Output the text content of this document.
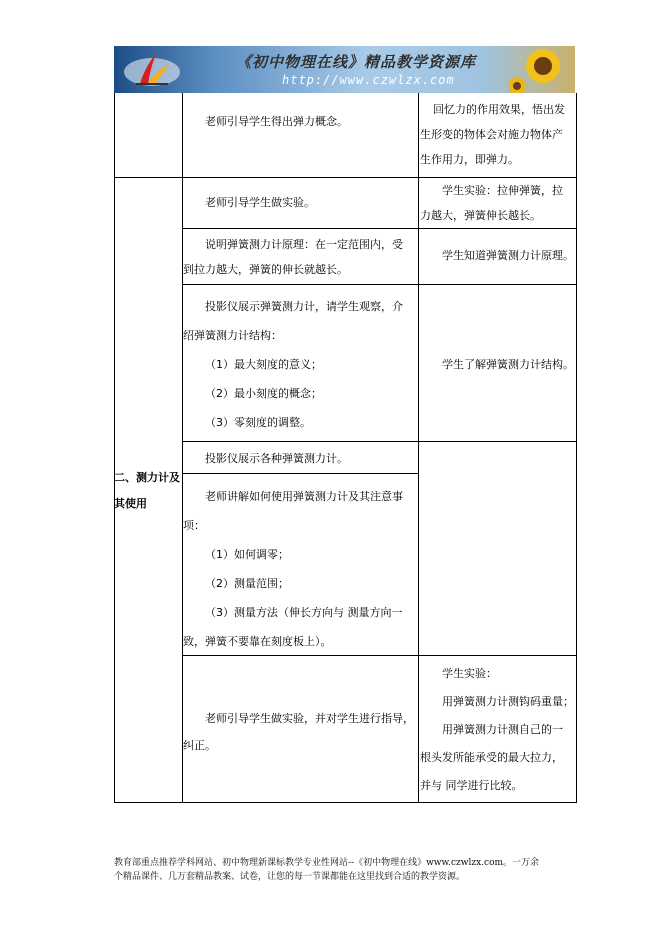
《初中物理在线》精品教学资源库
http://www.czwlzx.com
二、测力计及
其使用
老师引导学生得出弹力概念。
回忆力的作用效果，悟出发
生形变的物体会对施力物体产
生作用力，即弹力。
老师引导学生做实验。
学生实验：拉伸弹簧，拉
力越大，弹簧伸长越长。
说明弹簧测力计原理：在一定范围内，受
到拉力越大，弹簧的伸长就越长。
学生知道弹簧测力计原理。
投影仪展示弹簧测力计，请学生观察，介
绍弹簧测力计结构：
（1）最大刻度的意义；
（2）最小刻度的概念；
（3）零刻度的调整。
学生了解弹簧测力计结构。
投影仪展示各种弹簧测力计。
老师讲解如何使用弹簧测力计及其注意事
项：
（1）如何调零；
（2）测量范围；
（3）测量方法（伸长方向与 测量方向一
致，弹簧不要靠在刻度板上）。
老师引导学生做实验，并对学生进行指导，
纠正。
学生实验：
用弹簧测力计测钩码重量；
用弹簧测力计测自己的一
根头发所能承受的最大拉力，
并与 同学进行比较。
教育部重点推荐学科网站、初中物理新课标教学专业性网站--《初中物理在线》www.czwlzx.com。一万余
个精品课件、几万套精品教案、试卷，让您的每一节课都能在这里找到合适的教学资源。
